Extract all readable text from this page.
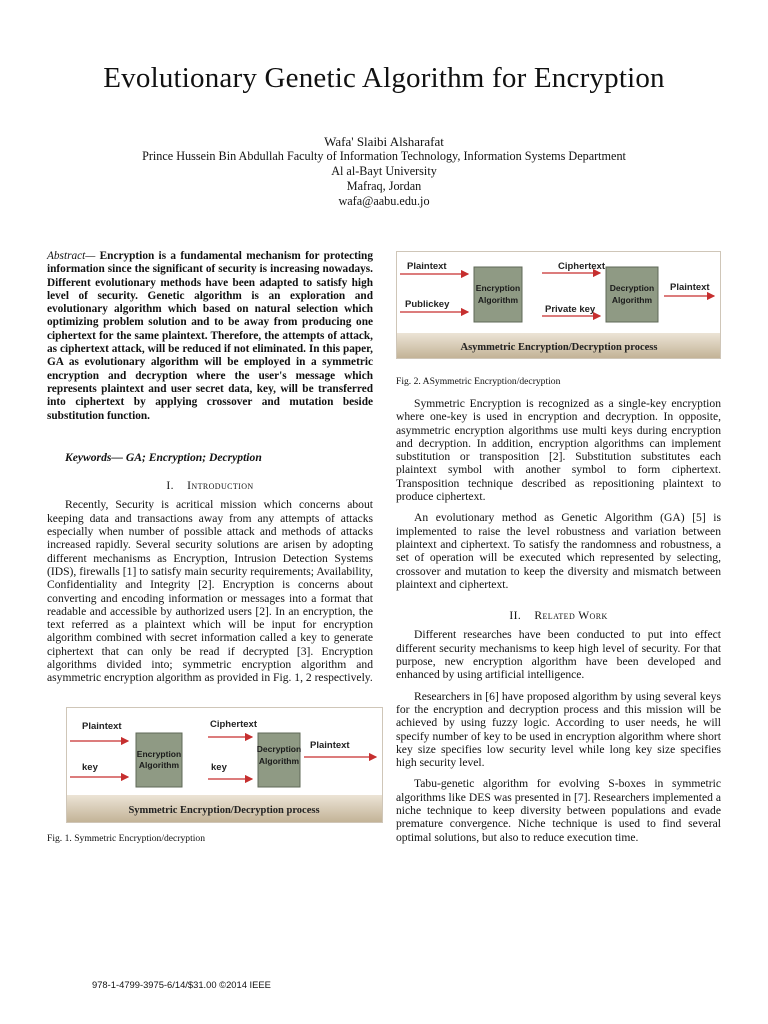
Evolutionary Genetic Algorithm for Encryption
Wafa' Slaibi Alsharafat
Prince Hussein Bin Abdullah Faculty of Information Technology, Information Systems Department
Al al-Bayt University
Mafraq, Jordan
wafa@aabu.edu.jo
Abstract— Encryption is a fundamental mechanism for protecting information since the significant of security is increasing nowadays. Different evolutionary methods have been adapted to satisfy high level of security. Genetic algorithm is an exploration and evolutionary algorithm which based on natural selection which optimizing problem solution and to be away from producing one ciphertext for the same plaintext. Therefore, the attempts of attack, as ciphertext attack, will be reduced if not eliminated. In this paper, GA as evolutionary algorithm will be employed in a symmetric encryption and decryption where the user's message which represents plaintext and user secret data, key, will be transferred into ciphertext by applying crossover and mutation beside substitution function.
Keywords— GA; Encryption; Decryption
I. Introduction

Recently, Security is acritical mission which concerns about keeping data and transactions away from any attempts of attacks especially when number of possible attack and methods of attacks increased rapidly. Several security solutions are arisen by adopting different mechanisms as Encryption, Intrusion Detection Systems (IDS), firewalls [1] to satisfy main security requirements; Availability, Confidentiality and Integrity [2]. Encryption is concerns about converting and encoding information or messages into a format that readable and accessible by authorized users [2]. In an encryption, the text referred as a plaintext which will be input for encryption algorithm combined with secret information called a key to generate ciphertext that can only be read if decrypted [3]. Encryption algorithms divided into; symmetric encryption algorithm and asymmetric encryption algorithm as provided in Fig. 1, 2 respectively.

Plaintext
key
Encryption
Algorithm
Ciphertext
key
Decryption
Algorithm
Plaintext
Symmetric Encryption/Decryption process
Fig. 1. Symmetric Encryption/decryption
Plaintext
Publickey
Encryption
Algorithm
Ciphertext
Private key
Decryption
Algorithm
Plaintext
Asymmetric Encryption/Decryption process
Fig. 2. ASymmetric Encryption/decryption

Symmetric Encryption is recognized as a single-key encryption where one-key is used in encryption and decryption. In opposite, asymmetric encryption algorithms use multi keys during encryption and decryption. In addition, encryption algorithms can implement substitution or transposition [2]. Substitution substitutes each plaintext symbol with another symbol to form ciphertext. Transposition technique described as repositioning plaintext to produce ciphertext.

An evolutionary method as Genetic Algorithm (GA) [5] is implemented to raise the level robustness and variation between plaintext and ciphertext. To satisfy the randomness and robustness, a set of operation will be executed which represented by selecting, crossover and mutation to keep the diversity and mismatch between plaintext and ciphertext.

II. Related Work

Different researches have been conducted to put into effect different security mechanisms to keep high level of security. For that purpose, new encryption algorithm have been developed and enhanced by using artificial intelligence.

Researchers in [6] have proposed algorithm by using several keys for the encryption and decryption process and this mission will be achieved by using fuzzy logic. According to user needs, he will specify number of key to be used in encryption algorithm where short key size specifies low security level while long key size specifies high security level.

Tabu-genetic algorithm for evolving S-boxes in symmetric algorithms like DES was presented in [7]. Researchers implemented a niche technique to keep diversity between populations and evade premature convergence. Niche technique is used to find several optimal solutions, but also to reduce execution time.

978-1-4799-3975-6/14/$31.00 ©2014 IEEE
